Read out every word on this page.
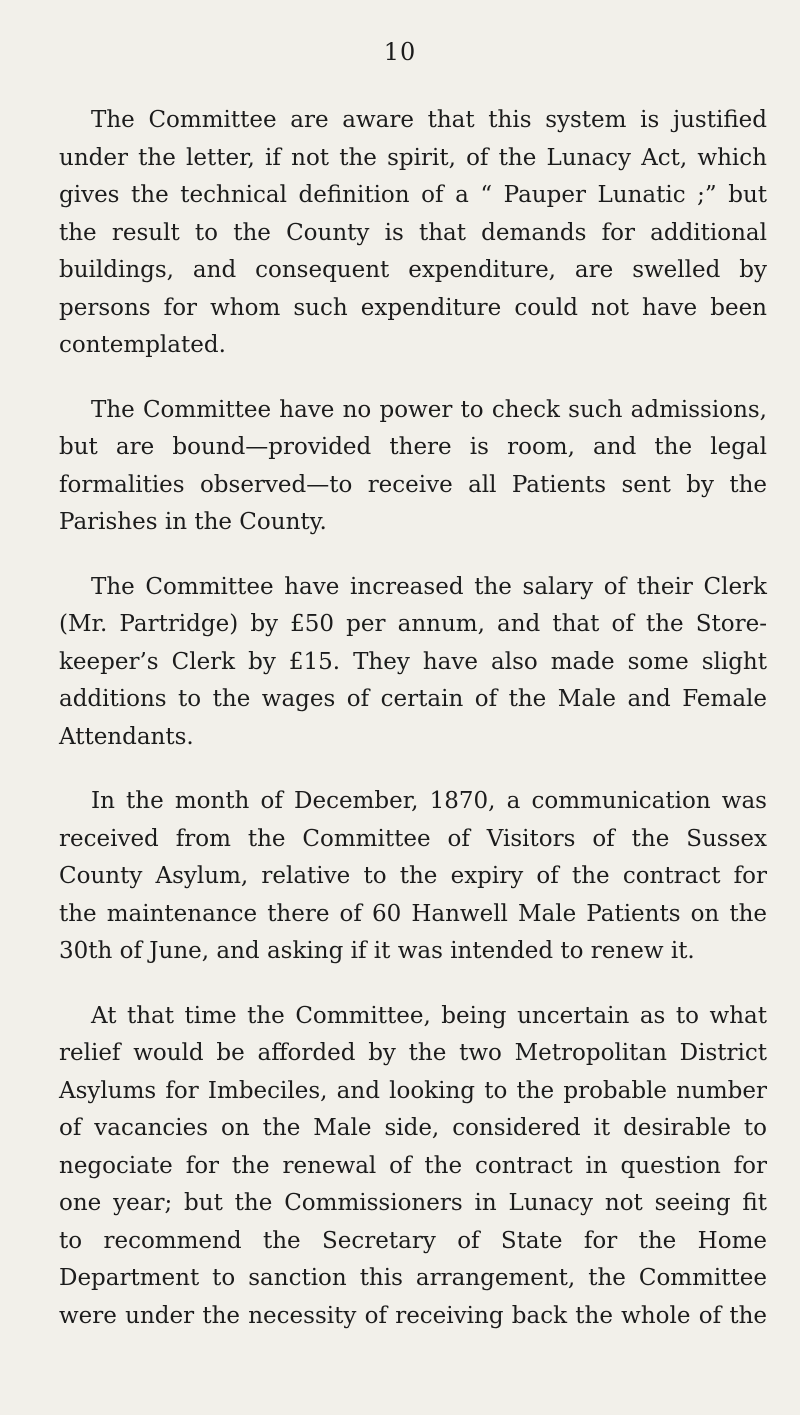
10

The Committee are aware that this system is justified
under the letter, if not the spirit, of the Lunacy Act, which
gives the technical definition of a “ Pauper Lunatic ;” but
the result to the County is that demands for additional
buildings, and consequent expenditure, are swelled by
persons for whom such expenditure could not have been
contemplated.

The Committee have no power to check such admissions,
but are bound—provided there is room, and the legal
formalities observed—to receive all Patients sent by the
Parishes in the County.

The Committee have increased the salary of their Clerk
(Mr. Partridge) by £50 per annum, and that of the Store-
keeper’s Clerk by £15. They have also made some slight
additions to the wages of certain of the Male and Female
Attendants.

In the month of December, 1870, a communication was
received from the Committee of Visitors of the Sussex
County Asylum, relative to the expiry of the contract for
the maintenance there of 60 Hanwell Male Patients on the
30th of June, and asking if it was intended to renew it.

At that time the Committee, being uncertain as to what
relief would be afforded by the two Metropolitan District
Asylums for Imbeciles, and looking to the probable number
of vacancies on the Male side, considered it desirable to
negociate for the renewal of the contract in question for
one year; but the Commissioners in Lunacy not seeing fit
to recommend the Secretary of State for the Home
Department to sanction this arrangement, the Committee
were under the necessity of receiving back the whole of the
